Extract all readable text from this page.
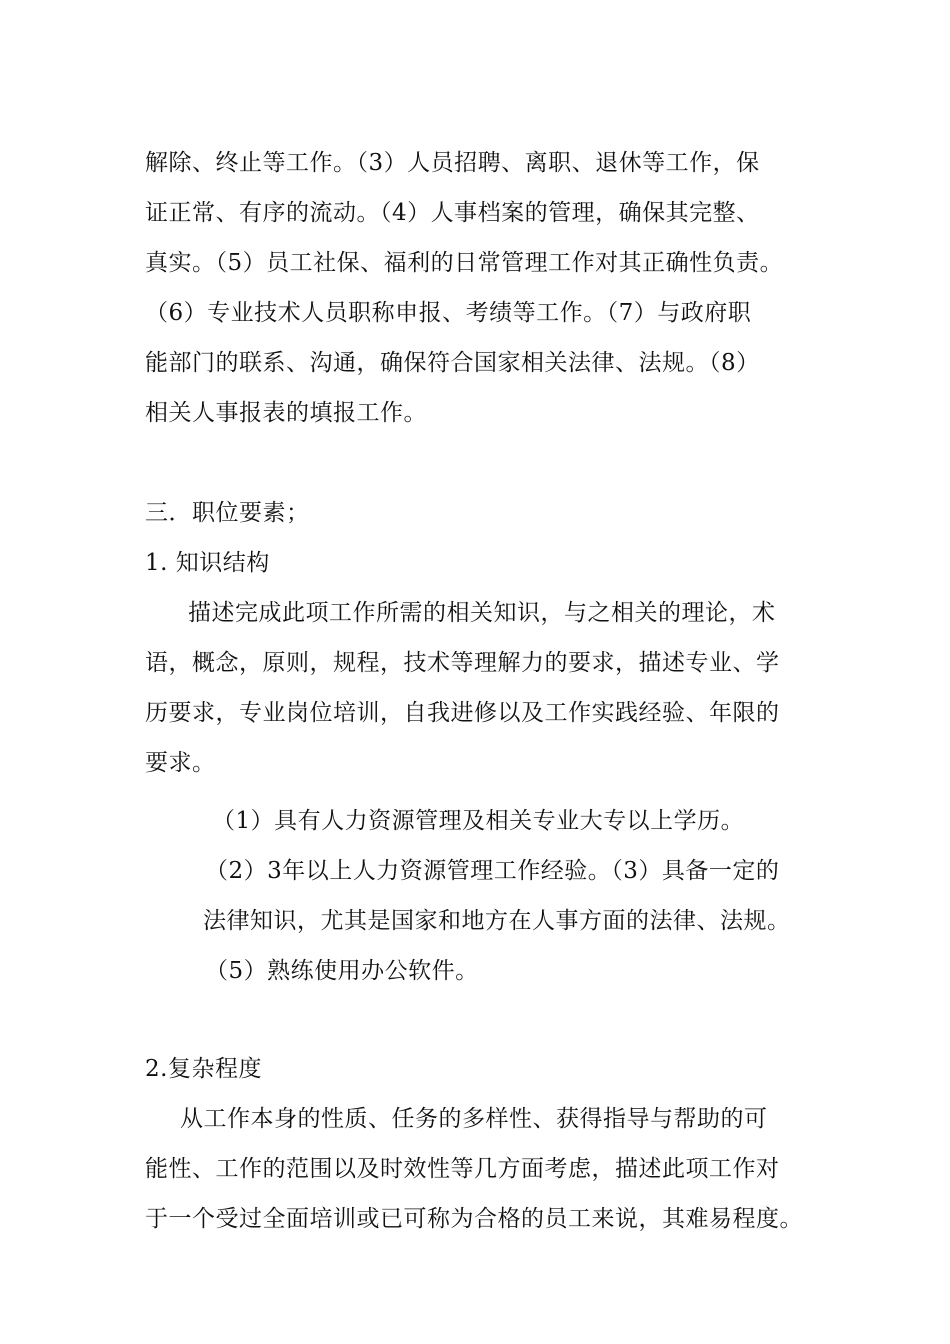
解除、终止等工作。（3）人员招聘、离职、退休等工作，保
证正常、有序的流动。（4）人事档案的管理，确保其完整、
真实。（5）员工社保、福利的日常管理工作对其正确性负责。
（6）专业技术人员职称申报、考绩等工作。（7）与政府职
能部门的联系、沟通，确保符合国家相关法律、法规。（8）
相关人事报表的填报工作。
三．职位要素；
1. 知识结构
描述完成此项工作所需的相关知识，与之相关的理论，术
语，概念，原则，规程，技术等理解力的要求，描述专业、学
历要求，专业岗位培训，自我进修以及工作实践经验、年限的
要求。
（1）具有人力资源管理及相关专业大专以上学历。
（2）3年以上人力资源管理工作经验。（3）具备一定的
法律知识，尤其是国家和地方在人事方面的法律、法规。
（5）熟练使用办公软件。
2.复杂程度
从工作本身的性质、任务的多样性、获得指导与帮助的可
能性、工作的范围以及时效性等几方面考虑，描述此项工作对
于一个受过全面培训或已可称为合格的员工来说，其难易程度。
